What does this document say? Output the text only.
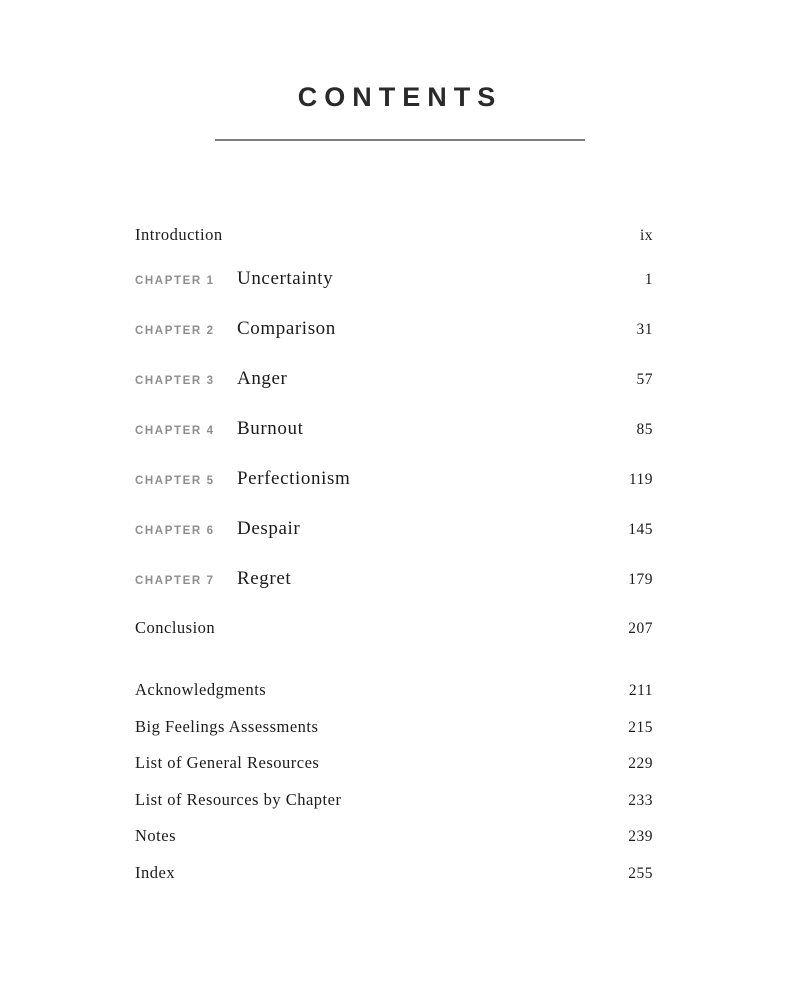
CONTENTS
Introduction	ix
CHAPTER 1	Uncertainty	1
CHAPTER 2	Comparison	31
CHAPTER 3	Anger	57
CHAPTER 4	Burnout	85
CHAPTER 5	Perfectionism	119
CHAPTER 6	Despair	145
CHAPTER 7	Regret	179
Conclusion	207
Acknowledgments	211
Big Feelings Assessments	215
List of General Resources	229
List of Resources by Chapter	233
Notes	239
Index	255
